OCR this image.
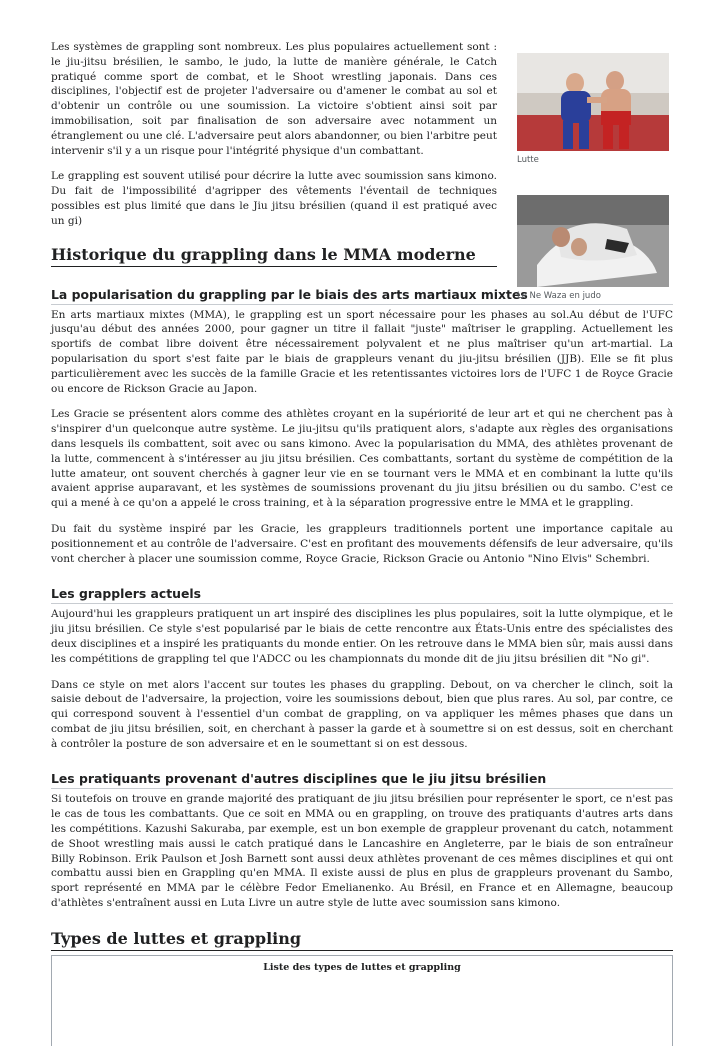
Les systèmes de grappling sont nombreux. Les plus populaires actuellement sont : le jiu-jitsu brésilien, le sambo, le judo, la lutte de manière générale, le Catch pratiqué comme sport de combat, et le Shoot wrestling japonais. Dans ces disciplines, l'objectif est de projeter l'adversaire ou d'amener le combat au sol et d'obtenir un contrôle ou une soumission. La victoire s'obtient ainsi soit par immobilisation, soit par finalisation de son adversaire avec notamment un étranglement ou une clé. L'adversaire peut alors abandonner, ou bien l'arbitre peut intervenir s'il y a un risque pour l'intégrité physique d'un combattant.

Le grappling est souvent utilisé pour décrire la lutte avec soumission sans kimono. Du fait de l'impossibilité d'agripper des vêtements l'éventail de techniques possibles est plus limité que dans le Jiu jitsu brésilien (quand il est pratiqué avec un gi)

Lutte
Le Ne Waza en judo
Historique du grappling dans le MMA moderne
La popularisation du grappling par le biais des arts martiaux mixtes

En arts martiaux mixtes (MMA), le grappling est un sport nécessaire pour les phases au sol.Au début de l'UFC jusqu'au début des années 2000, pour gagner un titre il fallait "juste" maîtriser le grappling. Actuellement les sportifs de combat libre doivent être nécessairement polyvalent et ne plus maîtriser qu'un art-martial. La popularisation du sport s'est faite par le biais de grappleurs venant du jiu-jitsu brésilien (JJB). Elle se fit plus particulièrement avec les succès de la famille Gracie et les retentissantes victoires lors de l'UFC 1 de Royce Gracie ou encore de Rickson Gracie au Japon.

Les Gracie se présentent alors comme des athlètes croyant en la supériorité de leur art et qui ne cherchent pas à s'inspirer d'un quelconque autre système. Le jiu-jitsu qu'ils pratiquent alors, s'adapte aux règles des organisations dans lesquels ils combattent, soit avec ou sans kimono. Avec la popularisation du MMA, des athlètes provenant de la lutte, commencent à s'intéresser au jiu jitsu brésilien. Ces combattants, sortant du système de compétition de la lutte amateur, ont souvent cherchés à gagner leur vie en se tournant vers le MMA et en combinant la lutte qu'ils avaient apprise auparavant, et les systèmes de soumissions provenant du jiu jitsu brésilien ou du sambo. C'est ce qui a mené à ce qu'on a appelé le cross training, et à la séparation progressive entre le MMA et le grappling.

Du fait du système inspiré par les Gracie, les grappleurs traditionnels portent une importance capitale au positionnement et au contrôle de l'adversaire. C'est en profitant des mouvements défensifs de leur adversaire, qu'ils vont chercher à placer une soumission comme, Royce Gracie, Rickson Gracie ou Antonio "Nino Elvis" Schembri.

Les grapplers actuels

Aujourd'hui les grappleurs pratiquent un art inspiré des disciplines les plus populaires, soit la lutte olympique, et le jiu jitsu brésilien. Ce style s'est popularisé par le biais de cette rencontre aux États-Unis entre des spécialistes des deux disciplines et a inspiré les pratiquants du monde entier. On les retrouve dans le MMA bien sûr, mais aussi dans les compétitions de grappling tel que l'ADCC ou les championnats du monde dit de jiu jitsu brésilien dit "No gi".

Dans ce style on met alors l'accent sur toutes les phases du grappling. Debout, on va chercher le clinch, soit la saisie debout de l'adversaire, la projection, voire les soumissions debout, bien que plus rares. Au sol, par contre, ce qui correspond souvent à l'essentiel d'un combat de grappling, on va appliquer les mêmes phases que dans un combat de jiu jitsu brésilien, soit, en cherchant à passer la garde et à soumettre si on est dessus, soit en cherchant à contrôler la posture de son adversaire et en le soumettant si on est dessous.

Les pratiquants provenant d'autres disciplines que le jiu jitsu brésilien

Si toutefois on trouve en grande majorité des pratiquant de jiu jitsu brésilien pour représenter le sport, ce n'est pas le cas de tous les combattants. Que ce soit en MMA ou en grappling, on trouve des pratiquants d'autres arts dans les compétitions. Kazushi Sakuraba, par exemple, est un bon exemple de grappleur provenant du catch, notamment de Shoot wrestling mais aussi le catch pratiqué dans le Lancashire en Angleterre, par le biais de son entraîneur Billy Robinson. Erik Paulson et Josh Barnett sont aussi deux athlètes provenant de ces mêmes disciplines et qui ont combattu aussi bien en Grappling qu'en MMA. Il existe aussi de plus en plus de grappleurs provenant du Sambo, sport représenté en MMA par le célèbre Fedor Emelianenko. Au Brésil, en France et en Allemagne, beaucoup d'athlètes s'entraînent aussi en Luta Livre un autre style de lutte avec soumission sans kimono.

Types de luttes et grappling
Liste des types de luttes et grappling
